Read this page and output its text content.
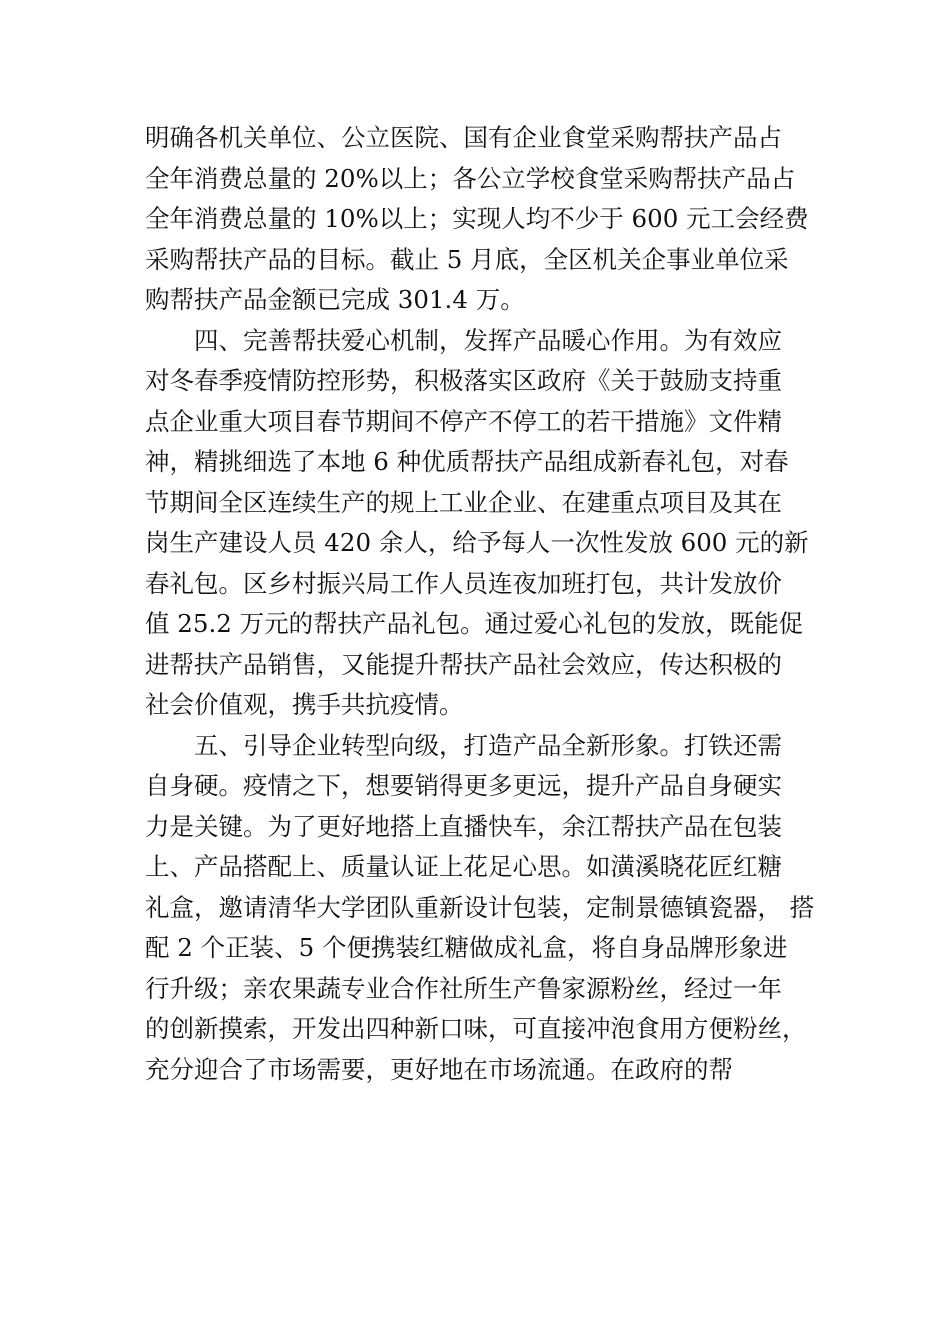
明确各机关单位、公立医院、国有企业食堂采购帮扶产品占
全年消费总量的 20%以上；各公立学校食堂采购帮扶产品占
全年消费总量的 10%以上；实现人均不少于 600 元工会经费
采购帮扶产品的目标。截止 5 月底，全区机关企事业单位采
购帮扶产品金额已完成 301.4 万。
四、完善帮扶爱心机制，发挥产品暖心作用。为有效应
对冬春季疫情防控形势，积极落实区政府《关于鼓励支持重
点企业重大项目春节期间不停产不停工的若干措施》文件精
神，精挑细选了本地 6 种优质帮扶产品组成新春礼包，对春
节期间全区连续生产的规上工业企业、在建重点项目及其在
岗生产建设人员 420 余人，给予每人一次性发放 600 元的新
春礼包。区乡村振兴局工作人员连夜加班打包，共计发放价
值 25.2 万元的帮扶产品礼包。通过爱心礼包的发放，既能促
进帮扶产品销售，又能提升帮扶产品社会效应，传达积极的
社会价值观，携手共抗疫情。
五、引导企业转型向级，打造产品全新形象。打铁还需
自身硬。疫情之下，想要销得更多更远，提升产品自身硬实
力是关键。为了更好地搭上直播快车，余江帮扶产品在包装
上、产品搭配上、质量认证上花足心思。如潢溪晓花匠红糖
礼盒，邀请清华大学团队重新设计包装，定制景德镇瓷器， 搭
配 2 个正装、5 个便携装红糖做成礼盒，将自身品牌形象进
行升级；亲农果蔬专业合作社所生产鲁家源粉丝，经过一年
的创新摸索，开发出四种新口味，可直接冲泡食用方便粉丝，
充分迎合了市场需要，更好地在市场流通。在政府的帮
